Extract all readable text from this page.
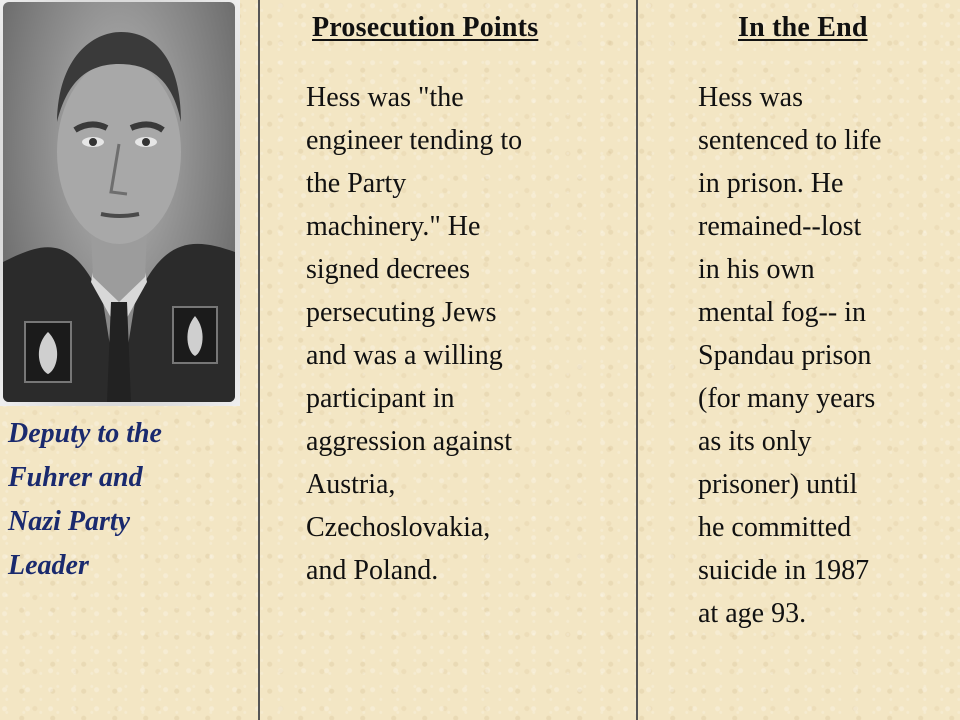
Deputy to the
Fuhrer and
Nazi Party
Leader
Prosecution Points
Hess was "the
engineer tending to
the Party
machinery." He
signed decrees
persecuting Jews
and was a willing
participant in
aggression against
Austria,
Czechoslovakia,
and Poland.
In the End
Hess was
sentenced to life
in prison. He
remained--lost
in his own
mental fog-- in
Spandau prison
(for many years
as its only
prisoner) until
he committed
suicide in 1987
at age 93.
